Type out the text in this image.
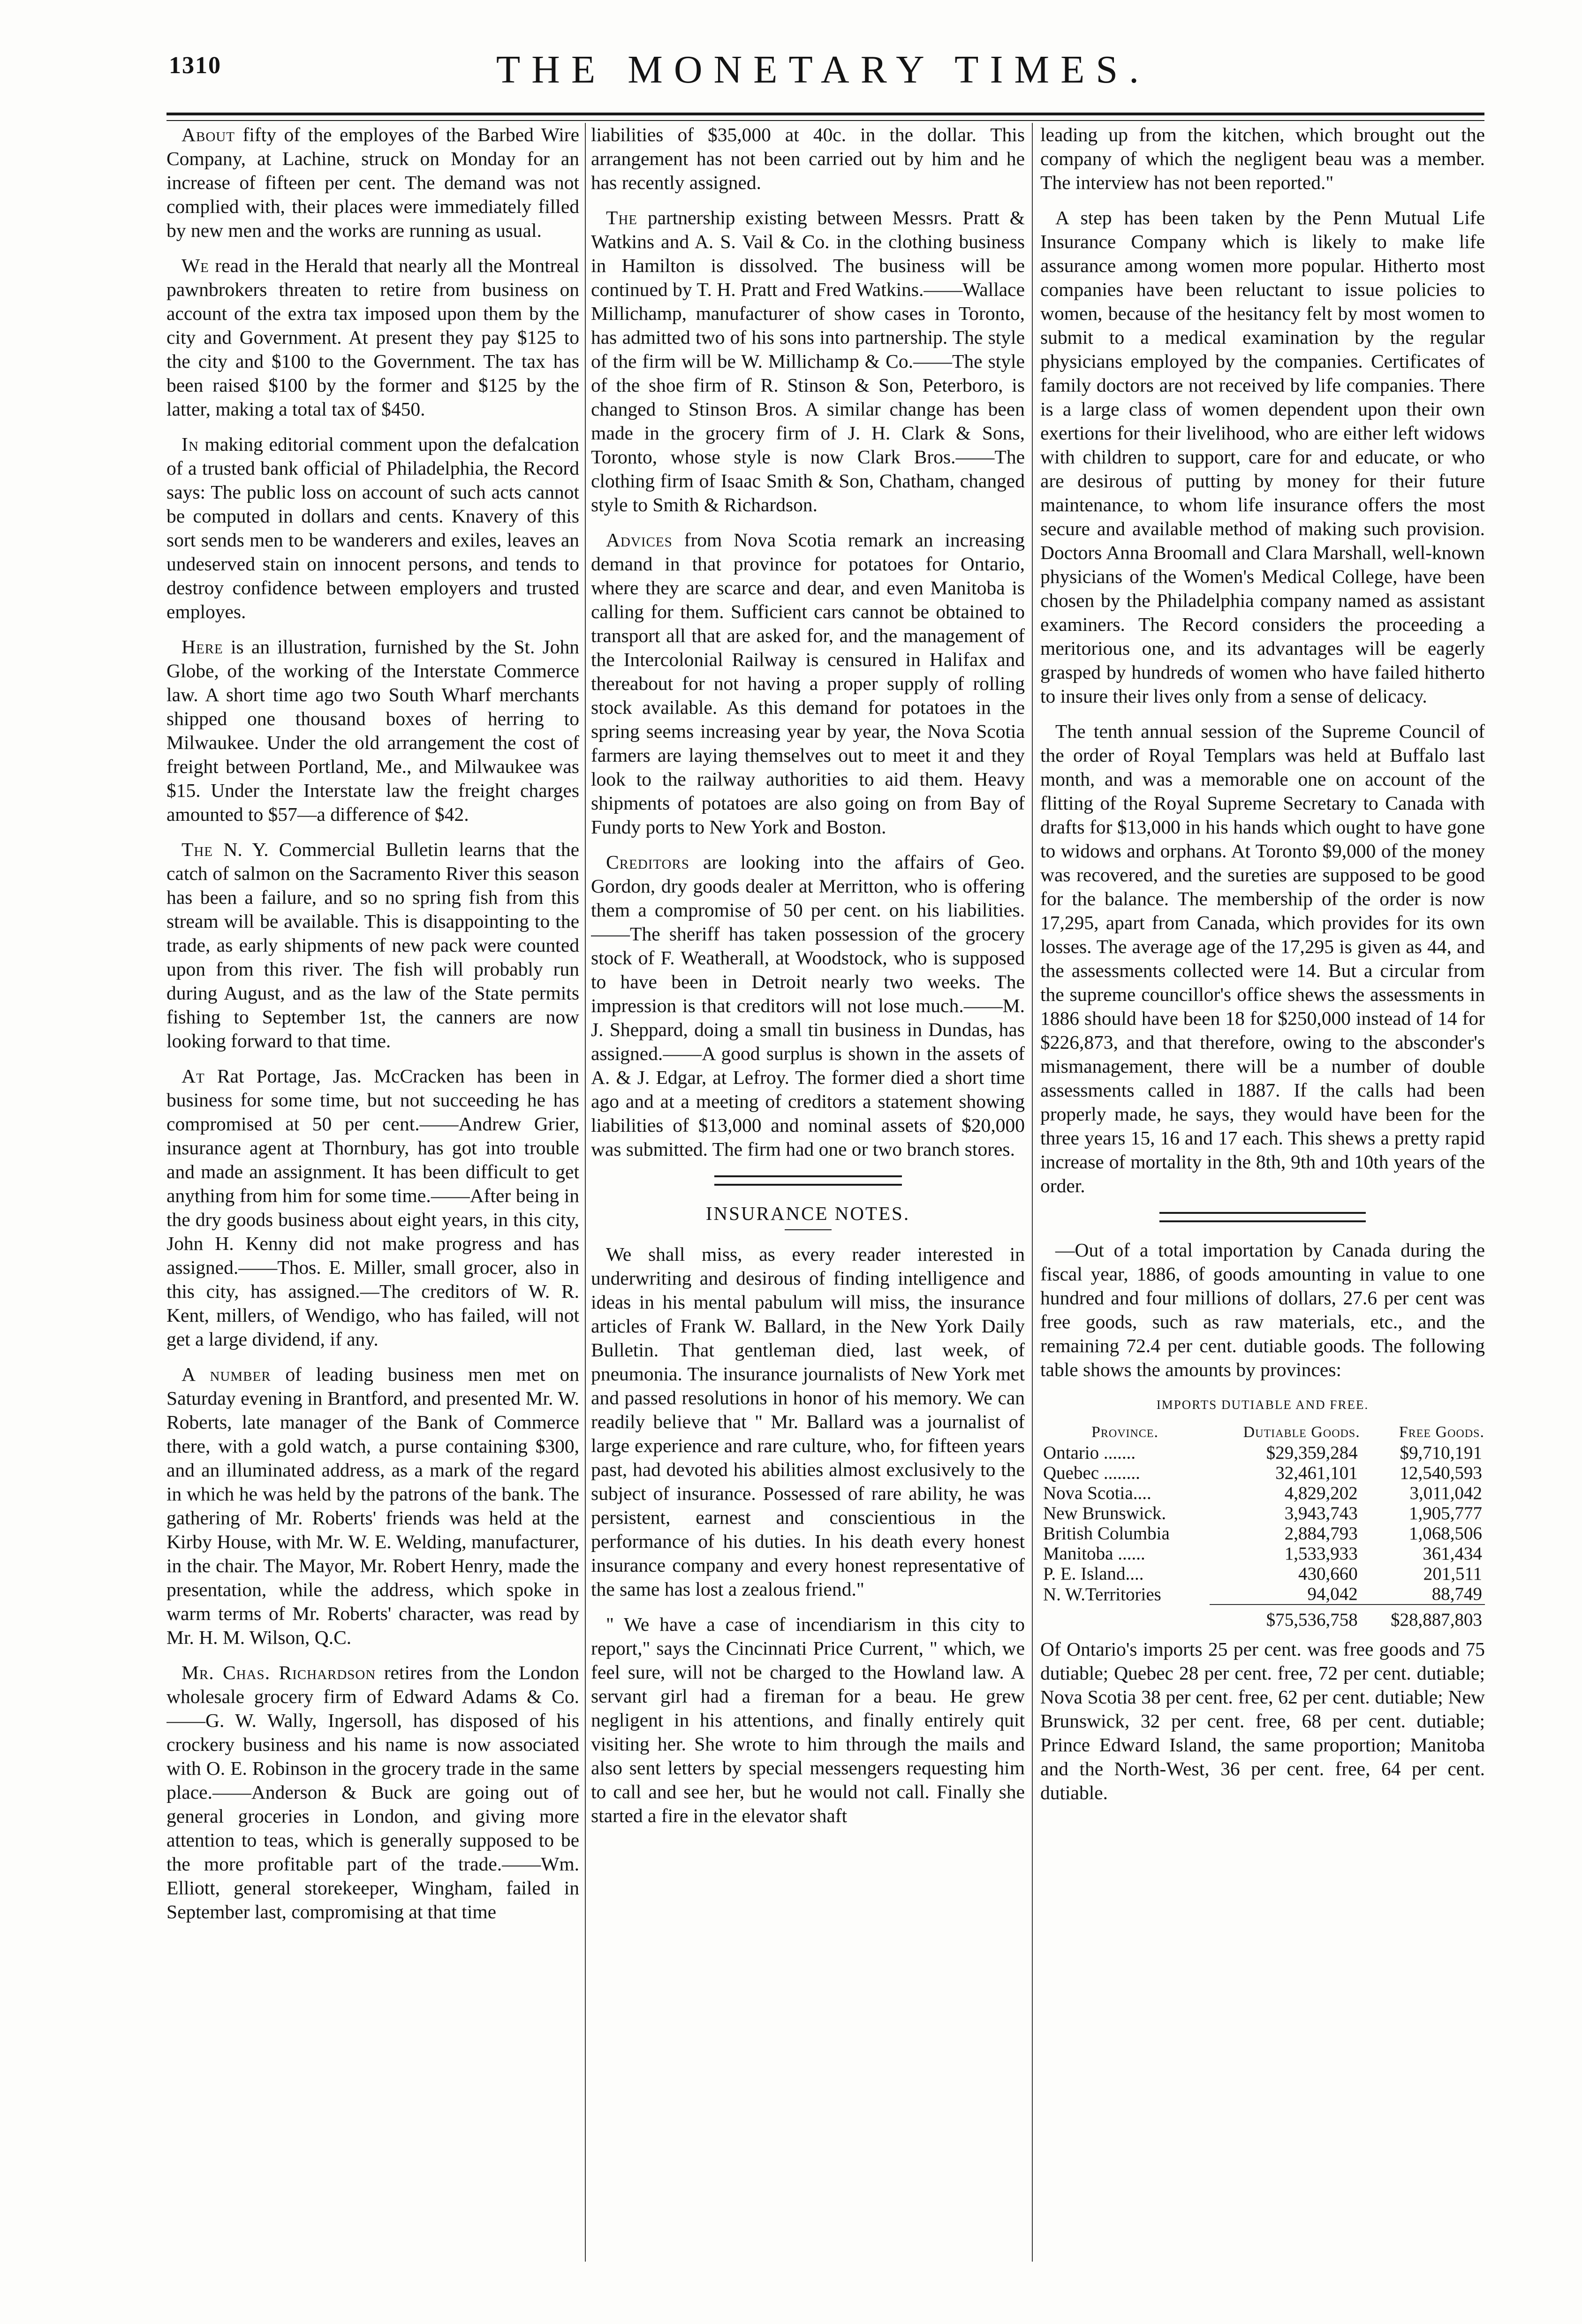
1310	THE MONETARY TIMES.

About fifty of the employes of the Barbed Wire Company, at Lachine, struck on Monday for an increase of fifteen per cent. The demand was not complied with, their places were immediately filled by new men and the works are running as usual.

We read in the Herald that nearly all the Montreal pawnbrokers threaten to retire from business on account of the extra tax imposed upon them by the city and Government. At present they pay $125 to the city and $100 to the Government. The tax has been raised $100 by the former and $125 by the latter, making a total tax of $450.

In making editorial comment upon the defalcation of a trusted bank official of Philadelphia, the Record says: The public loss on account of such acts cannot be computed in dollars and cents. Knavery of this sort sends men to be wanderers and exiles, leaves an undeserved stain on innocent persons, and tends to destroy confidence between employers and trusted employes.

Here is an illustration, furnished by the St. John Globe, of the working of the Interstate Commerce law. A short time ago two South Wharf merchants shipped one thousand boxes of herring to Milwaukee. Under the old arrangement the cost of freight between Portland, Me., and Milwaukee was $15. Under the Interstate law the freight charges amounted to $57—a difference of $42.

The N. Y. Commercial Bulletin learns that the catch of salmon on the Sacramento River this season has been a failure, and so no spring fish from this stream will be available. This is disappointing to the trade, as early shipments of new pack were counted upon from this river. The fish will probably run during August, and as the law of the State permits fishing to September 1st, the canners are now looking forward to that time.

At Rat Portage, Jas. McCracken has been in business for some time, but not succeeding he has compromised at 50 per cent.——Andrew Grier, insurance agent at Thornbury, has got into trouble and made an assignment. It has been difficult to get anything from him for some time.——After being in the dry goods business about eight years, in this city, John H. Kenny did not make progress and has assigned.——Thos. E. Miller, small grocer, also in this city, has assigned.—The creditors of W. R. Kent, millers, of Wendigo, who has failed, will not get a large dividend, if any.

A number of leading business men met on Saturday evening in Brantford, and presented Mr. W. Roberts, late manager of the Bank of Commerce there, with a gold watch, a purse containing $300, and an illuminated address, as a mark of the regard in which he was held by the patrons of the bank. The gathering of Mr. Roberts' friends was held at the Kirby House, with Mr. W. E. Welding, manufacturer, in the chair. The Mayor, Mr. Robert Henry, made the presentation, while the address, which spoke in warm terms of Mr. Roberts' character, was read by Mr. H. M. Wilson, Q.C.

Mr. Chas. Richardson retires from the London wholesale grocery firm of Edward Adams & Co.——G. W. Wally, Ingersoll, has disposed of his crockery business and his name is now associated with O. E. Robinson in the grocery trade in the same place.——Anderson & Buck are going out of general groceries in London, and giving more attention to teas, which is generally supposed to be the more profitable part of the trade.——Wm. Elliott, general storekeeper, Wingham, failed in September last, compromising at that time

liabilities of $35,000 at 40c. in the dollar. This arrangement has not been carried out by him and he has recently assigned.

The partnership existing between Messrs. Pratt & Watkins and A. S. Vail & Co. in the clothing business in Hamilton is dissolved. The business will be continued by T. H. Pratt and Fred Watkins.——Wallace Millichamp, manufacturer of show cases in Toronto, has admitted two of his sons into partnership. The style of the firm will be W. Millichamp & Co.——The style of the shoe firm of R. Stinson & Son, Peterboro, is changed to Stinson Bros. A similar change has been made in the grocery firm of J. H. Clark & Sons, Toronto, whose style is now Clark Bros.——The clothing firm of Isaac Smith & Son, Chatham, changed style to Smith & Richardson.

Advices from Nova Scotia remark an increasing demand in that province for potatoes for Ontario, where they are scarce and dear, and even Manitoba is calling for them. Sufficient cars cannot be obtained to transport all that are asked for, and the management of the Intercolonial Railway is censured in Halifax and thereabout for not having a proper supply of rolling stock available. As this demand for potatoes in the spring seems increasing year by year, the Nova Scotia farmers are laying themselves out to meet it and they look to the railway authorities to aid them. Heavy shipments of potatoes are also going on from Bay of Fundy ports to New York and Boston.

Creditors are looking into the affairs of Geo. Gordon, dry goods dealer at Merritton, who is offering them a compromise of 50 per cent. on his liabilities.——The sheriff has taken possession of the grocery stock of F. Weatherall, at Woodstock, who is supposed to have been in Detroit nearly two weeks. The impression is that creditors will not lose much.——M. J. Sheppard, doing a small tin business in Dundas, has assigned.——A good surplus is shown in the assets of A. & J. Edgar, at Lefroy. The former died a short time ago and at a meeting of creditors a statement showing liabilities of $13,000 and nominal assets of $20,000 was submitted. The firm had one or two branch stores.

INSURANCE NOTES.

We shall miss, as every reader interested in underwriting and desirous of finding intelligence and ideas in his mental pabulum will miss, the insurance articles of Frank W. Ballard, in the New York Daily Bulletin. That gentleman died, last week, of pneumonia. The insurance journalists of New York met and passed resolutions in honor of his memory. We can readily believe that " Mr. Ballard was a journalist of large experience and rare culture, who, for fifteen years past, had devoted his abilities almost exclusively to the subject of insurance. Possessed of rare ability, he was persistent, earnest and conscientious in the performance of his duties. In his death every honest insurance company and every honest representative of the same has lost a zealous friend."

" We have a case of incendiarism in this city to report," says the Cincinnati Price Current, " which, we feel sure, will not be charged to the Howland law. A servant girl had a fireman for a beau. He grew negligent in his attentions, and finally entirely quit visiting her. She wrote to him through the mails and also sent letters by special messengers requesting him to call and see her, but he would not call. Finally she started a fire in the elevator shaft

leading up from the kitchen, which brought out the company of which the negligent beau was a member. The interview has not been reported."

A step has been taken by the Penn Mutual Life Insurance Company which is likely to make life assurance among women more popular. Hitherto most companies have been reluctant to issue policies to women, because of the hesitancy felt by most women to submit to a medical examination by the regular physicians employed by the companies. Certificates of family doctors are not received by life companies. There is a large class of women dependent upon their own exertions for their livelihood, who are either left widows with children to support, care for and educate, or who are desirous of putting by money for their future maintenance, to whom life insurance offers the most secure and available method of making such provision. Doctors Anna Broomall and Clara Marshall, well-known physicians of the Women's Medical College, have been chosen by the Philadelphia company named as assistant examiners. The Record considers the proceeding a meritorious one, and its advantages will be eagerly grasped by hundreds of women who have failed hitherto to insure their lives only from a sense of delicacy.

The tenth annual session of the Supreme Council of the order of Royal Templars was held at Buffalo last month, and was a memorable one on account of the flitting of the Royal Supreme Secretary to Canada with drafts for $13,000 in his hands which ought to have gone to widows and orphans. At Toronto $9,000 of the money was recovered, and the sureties are supposed to be good for the balance. The membership of the order is now 17,295, apart from Canada, which provides for its own losses. The average age of the 17,295 is given as 44, and the assessments collected were 14. But a circular from the supreme councillor's office shews the assessments in 1886 should have been 18 for $250,000 instead of 14 for $226,873, and that therefore, owing to the absconder's mismanagement, there will be a number of double assessments called in 1887. If the calls had been properly made, he says, they would have been for the three years 15, 16 and 17 each. This shews a pretty rapid increase of mortality in the 8th, 9th and 10th years of the order.

—Out of a total importation by Canada during the fiscal year, 1886, of goods amounting in value to one hundred and four millions of dollars, 27.6 per cent was free goods, such as raw materials, etc., and the remaining 72.4 per cent. dutiable goods. The following table shows the amounts by provinces:

IMPORTS DUTIABLE AND FREE.
Province.	Dutiable Goods.	Free Goods.
Ontario .......	$29,359,284	$9,710,191
Quebec ........	32,461,101	12,540,593
Nova Scotia....	4,829,202	3,011,042
New Brunswick.	3,943,743	1,905,777
British Columbia	2,884,793	1,068,506
Manitoba ......	1,533,933	361,434
P. E. Island....	430,660	201,511
N. W.Territories	94,042	88,749
	$75,536,758	$28,887,803

Of Ontario's imports 25 per cent. was free goods and 75 dutiable; Quebec 28 per cent. free, 72 per cent. dutiable; Nova Scotia 38 per cent. free, 62 per cent. dutiable; New Brunswick, 32 per cent. free, 68 per cent. dutiable; Prince Edward Island, the same proportion; Manitoba and the North-West, 36 per cent. free, 64 per cent. dutiable.
